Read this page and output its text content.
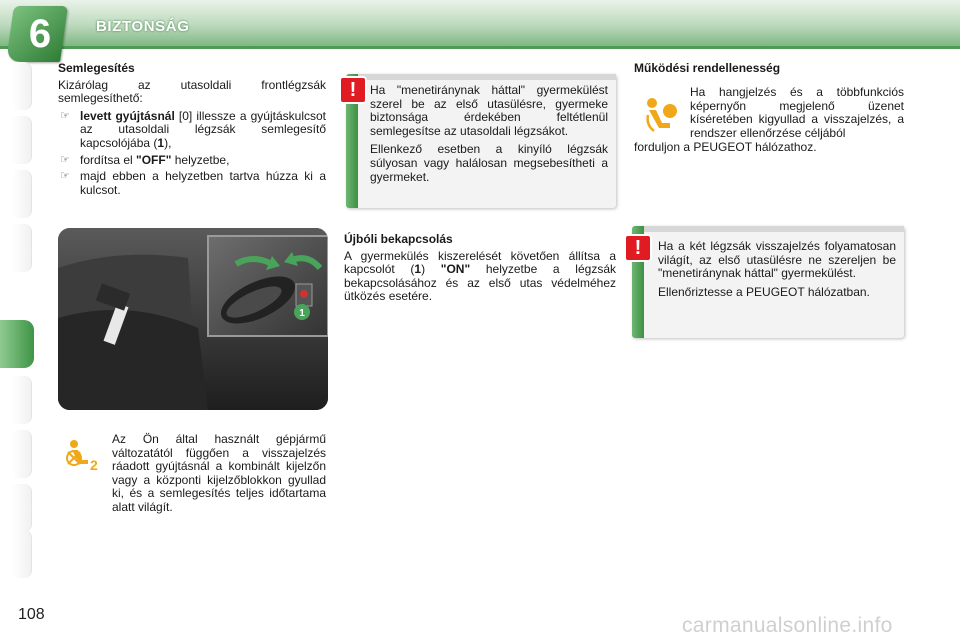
6	BIZTONSÁG
Semlegesítés
Kizárólag az utasoldali frontlégzsák semlegesíthető:
☞ levett gyújtásnál [0] illessze a gyújtáskulcsot az utasoldali légzsák semlegesítő kapcsolójába (1),
☞ fordítsa el "OFF" helyzetbe,
☞ majd ebben a helyzetben tartva húzza ki a kulcsot.
1
2
Az Ön által használt gépjármű változatától függően a visszajelzés ráadott gyújtásnál a kombinált kijelzőn vagy a központi kijelzőblokkon gyullad ki, és a semlegesítés teljes időtartama alatt világít.
Ha "menetiránynak háttal" gyermekülést szerel be az első utasülésre, gyermeke biztonsága érdekében feltétlenül semlegesítse az utasoldali légzsákot.
Ellenkező esetben a kinyíló légzsák súlyosan vagy halálosan megsebesítheti a gyermeket.
!
Újbóli bekapcsolás
A gyermekülés kiszerelését követően állítsa a kapcsolót (1) "ON" helyzetbe a légzsák bekapcsolásához és az első utas védelméhez ütközés esetére.
Működési rendellenesség
Ha hangjelzés és a többfunkciós képernyőn megjelenő üzenet kíséretében kigyullad a visszajelzés, a rendszer ellenőrzése céljából
forduljon a PEUGEOT hálózathoz.
Ha a két légzsák visszajelzés folyamatosan világít, az első utasülésre ne szereljen be "menetiránynak háttal" gyermekülést.
Ellenőriztesse a PEUGEOT hálózatban.
!
108	carmanualsonline.info
